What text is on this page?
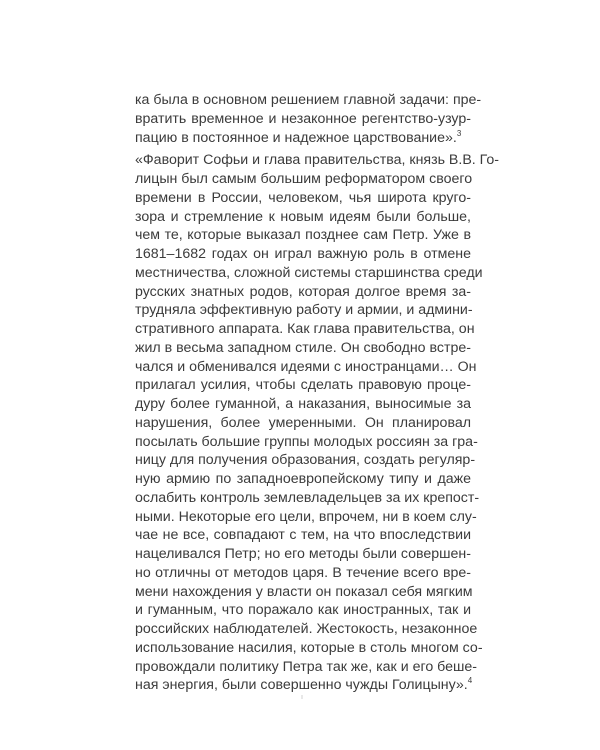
ка была в основном решением главной задачи: пре-
вратить временное и незаконное регентство-узур-
пацию в постоянное и надежное царствование».$^3$

«Фаворит Софьи и глава правительства, князь В.В. Го-
лицын был самым большим реформатором своего
времени в России, человеком, чья широта круго-
зора и стремление к новым идеям были больше,
чем те, которые выказал позднее сам Петр. Уже в
1681–1682 годах он играл важную роль в отмене
местничества, сложной системы старшинства среди
русских знатных родов, которая долгое время за-
трудняла эффективную работу и армии, и админи-
стративного аппарата. Как глава правительства, он
жил в весьма западном стиле. Он свободно встре-
чался и обменивался идеями с иностранцами… Он
прилагал усилия, чтобы сделать правовую проце-
дуру более гуманной, а наказания, выносимые за
нарушения, более умеренными. Он планировал
посылать большие группы молодых россиян за гра-
ницу для получения образования, создать регуляр-
ную армию по западноевропейскому типу и даже
ослабить контроль землевладельцев за их крепост-
ными. Некоторые его цели, впрочем, ни в коем слу-
чае не все, совпадают с тем, на что впоследствии
нацеливался Петр; но его методы были совершен-
но отличны от методов царя. В течение всего вре-
мени нахождения у власти он показал себя мягким
и гуманным, что поражало как иностранных, так и
российских наблюдателей. Жестокость, незаконное
использование насилия, которые в столь многом со-
провождали политику Петра так же, как и его беше-
ная энергия, были совершенно чужды Голицыну».$^4$
